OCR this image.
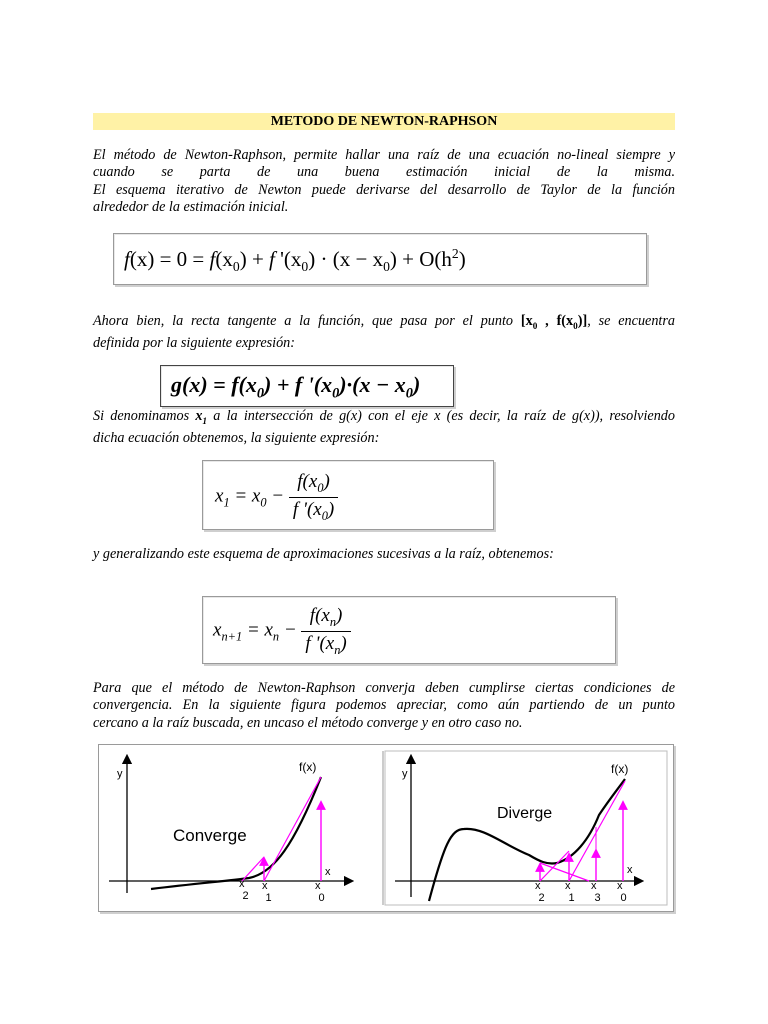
METODO DE NEWTON-RAPHSON
El método de Newton-Raphson, permite hallar una raíz de una ecuación no-lineal siempre y
cuando se parta de una buena estimación inicial de la misma.
El esquema iterativo de Newton puede derivarse del desarrollo de Taylor de la función
alrededor de la estimación inicial.
$f(x) = 0 = f(x_0) + f$ '$(x_0) \cdot (x - x_0) + O(h^2)$
Ahora bien, la recta tangente a la función, que pasa por el punto [$x_0$ , $f(x_0)$], se encuentra
definida por la siguiente expresión:
$g(x) = f(x_0) + f$ '$(x_0)\cdot(x - x_0)$
Si denominamos $x_1$ a la intersección de g(x) con el eje x (es decir, la raíz de g(x)), resolviendo
dicha ecuación obtenemos, la siguiente expresión:
$x_1 = x_0 - \frac{f(x_0)}{f '(x_0)}$
y generalizando este esquema de aproximaciones sucesivas a la raíz, obtenemos:
$x_{n+1} = x_n - \frac{f(x_n)}{f '(x_n)}$
Para que el método de Newton-Raphson converja deben cumplirse ciertas condiciones de
convergencia. En la siguiente figura podemos apreciar, como aún partiendo de un punto
cercano a la raíz buscada, en uncaso el método converge y en otro caso no.
y
x
f(x)
Converge
x 2
x 1
x 0
y
x
f(x)
Diverge
x 2
x 1
x 3
x 0
